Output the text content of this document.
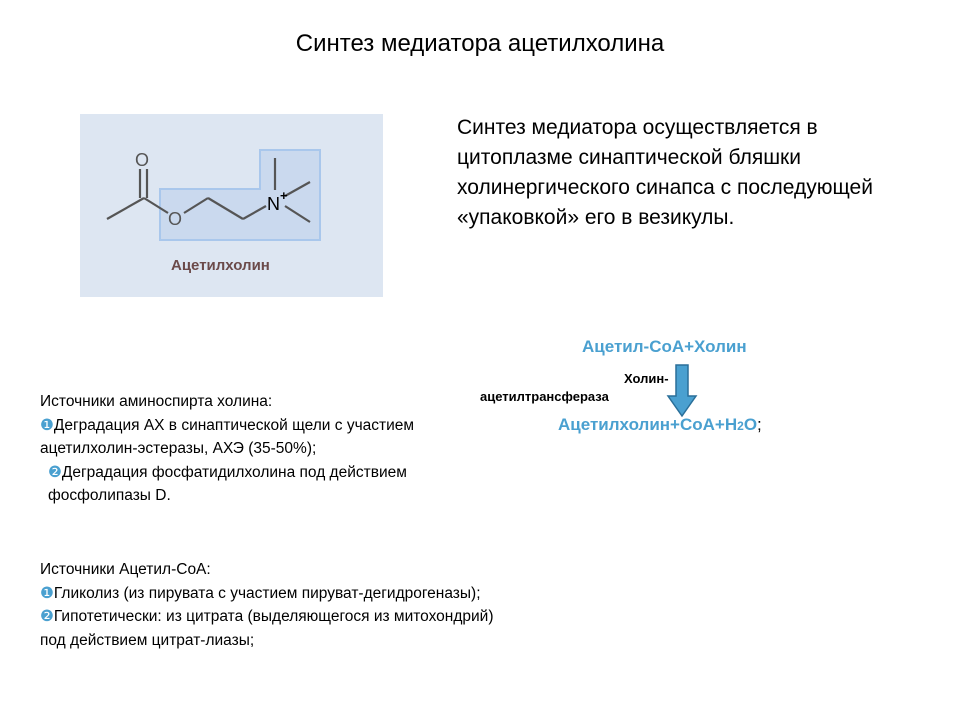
Синтез медиатора ацетилхолина
O
O
N +
Ацетилхолин
Синтез медиатора осуществляется в цитоплазме синаптической бляшки холинергического синапса с последующей «упаковкой» его в везикулы.
Ацетил-СоА+Холин
Холин-
ацетилтрансфераза
Ацетилхолин+СоА+H2O;
Источники аминоспирта холина:
❶Деградация АХ в синаптической щели с участием ацетилхолин-эстеразы, АХЭ (35-50%);
❷Деградация фосфатидилхолина под действием фосфолипазы D.
Источники Ацетил-СоА:
❶Гликолиз (из пирувата с участием пируват-дегидрогеназы);
❷Гипотетически: из цитрата (выделяющегося из митохондрий) под действием цитрат-лиазы;
